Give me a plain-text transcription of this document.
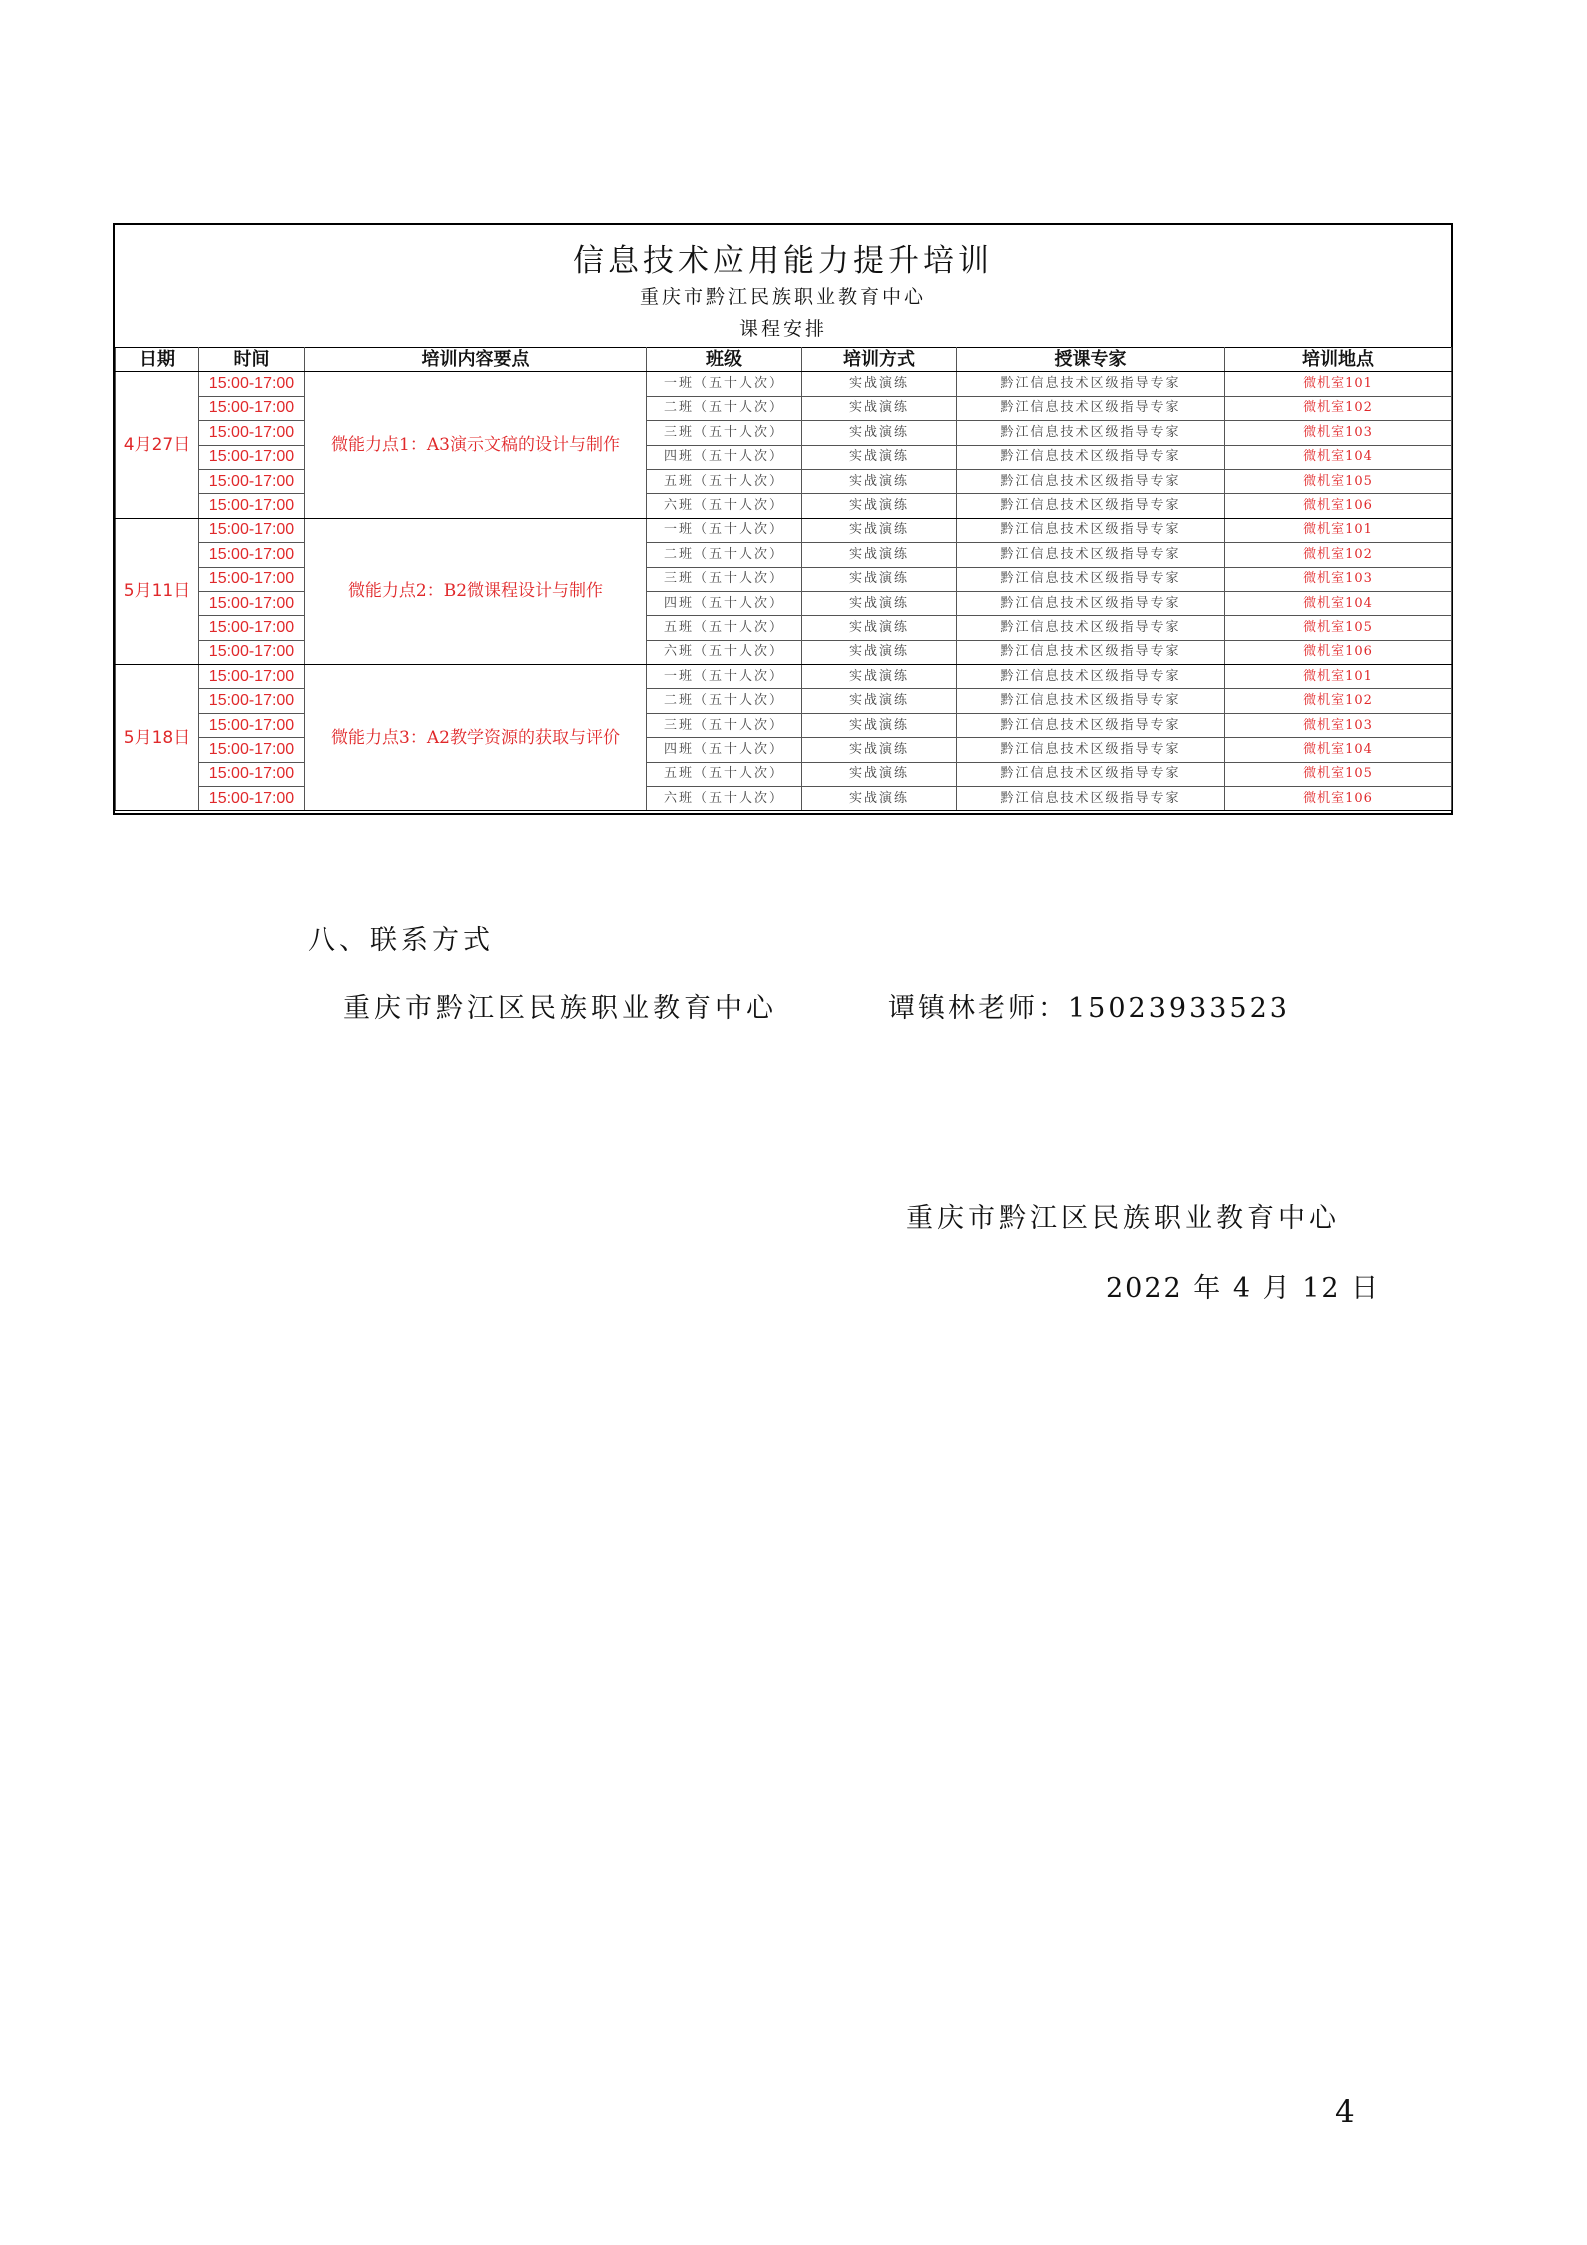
信息技术应用能力提升培训
重庆市黔江民族职业教育中心
课程安排
日期	时间	培训内容要点	班级	培训方式	授课专家	培训地点
4月27日	15:00-17:00	微能力点1：A3演示文稿的设计与制作	一班（五十人次）	实战演练	黔江信息技术区级指导专家	微机室101
	15:00-17:00		二班（五十人次）	实战演练	黔江信息技术区级指导专家	微机室102
	15:00-17:00		三班（五十人次）	实战演练	黔江信息技术区级指导专家	微机室103
	15:00-17:00		四班（五十人次）	实战演练	黔江信息技术区级指导专家	微机室104
	15:00-17:00		五班（五十人次）	实战演练	黔江信息技术区级指导专家	微机室105
	15:00-17:00		六班（五十人次）	实战演练	黔江信息技术区级指导专家	微机室106
5月11日	15:00-17:00	微能力点2：B2微课程设计与制作	一班（五十人次）	实战演练	黔江信息技术区级指导专家	微机室101
	15:00-17:00		二班（五十人次）	实战演练	黔江信息技术区级指导专家	微机室102
	15:00-17:00		三班（五十人次）	实战演练	黔江信息技术区级指导专家	微机室103
	15:00-17:00		四班（五十人次）	实战演练	黔江信息技术区级指导专家	微机室104
	15:00-17:00		五班（五十人次）	实战演练	黔江信息技术区级指导专家	微机室105
	15:00-17:00		六班（五十人次）	实战演练	黔江信息技术区级指导专家	微机室106
5月18日	15:00-17:00	微能力点3：A2教学资源的获取与评价	一班（五十人次）	实战演练	黔江信息技术区级指导专家	微机室101
	15:00-17:00		二班（五十人次）	实战演练	黔江信息技术区级指导专家	微机室102
	15:00-17:00		三班（五十人次）	实战演练	黔江信息技术区级指导专家	微机室103
	15:00-17:00		四班（五十人次）	实战演练	黔江信息技术区级指导专家	微机室104
	15:00-17:00		五班（五十人次）	实战演练	黔江信息技术区级指导专家	微机室105
	15:00-17:00		六班（五十人次）	实战演练	黔江信息技术区级指导专家	微机室106
八、联系方式
重庆市黔江区民族职业教育中心	谭镇林老师：15023933523
重庆市黔江区民族职业教育中心
2022 年 4 月 12 日
4
